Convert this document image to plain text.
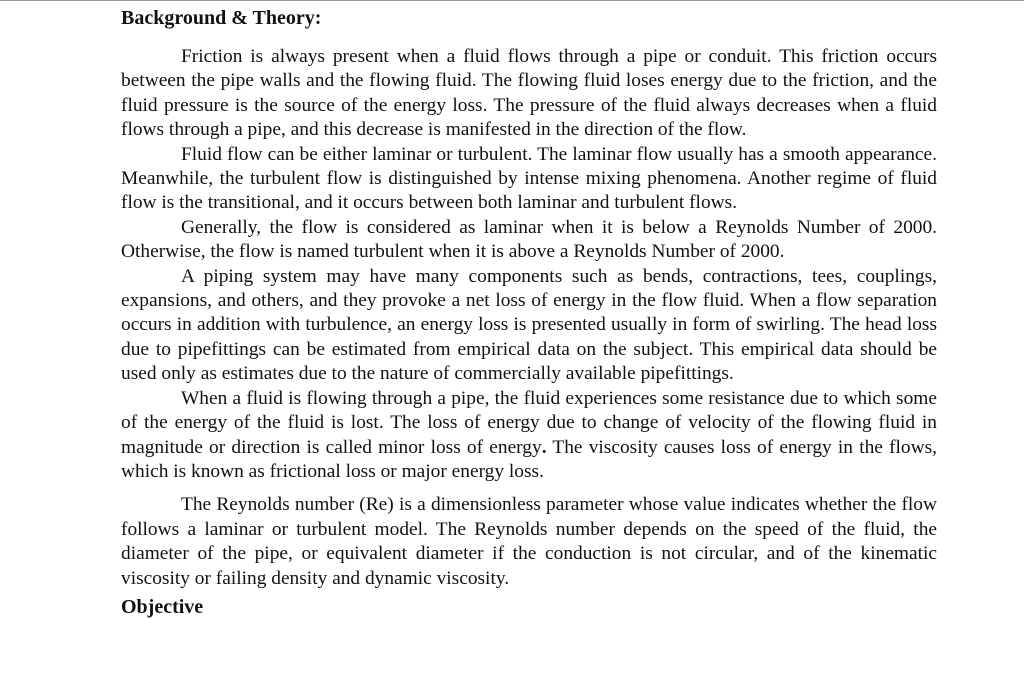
Background & Theory:

Friction is always present when a fluid flows through a pipe or conduit. This friction occurs between the pipe walls and the flowing fluid. The flowing fluid loses energy due to the friction, and the fluid pressure is the source of the energy loss. The pressure of the fluid always decreases when a fluid flows through a pipe, and this decrease is manifested in the direction of the flow.

Fluid flow can be either laminar or turbulent. The laminar flow usually has a smooth appearance. Meanwhile, the turbulent flow is distinguished by intense mixing phenomena. Another regime of fluid flow is the transitional, and it occurs between both laminar and turbulent flows.

Generally, the flow is considered as laminar when it is below a Reynolds Number of 2000. Otherwise, the flow is named turbulent when it is above a Reynolds Number of 2000.

A piping system may have many components such as bends, contractions, tees, couplings, expansions, and others, and they provoke a net loss of energy in the flow fluid. When a flow separation occurs in addition with turbulence, an energy loss is presented usually in form of swirling. The head loss due to pipefittings can be estimated from empirical data on the subject. This empirical data should be used only as estimates due to the nature of commercially available pipefittings.

When a fluid is flowing through a pipe, the fluid experiences some resistance due to which some of the energy of the fluid is lost. The loss of energy due to change of velocity of the flowing fluid in magnitude or direction is called minor loss of energy. The viscosity causes loss of energy in the flows, which is known as frictional loss or major energy loss.

The Reynolds number (Re) is a dimensionless parameter whose value indicates whether the flow follows a laminar or turbulent model. The Reynolds number depends on the speed of the fluid, the diameter of the pipe, or equivalent diameter if the conduction is not circular, and of the kinematic viscosity or failing density and dynamic viscosity.

Objective
